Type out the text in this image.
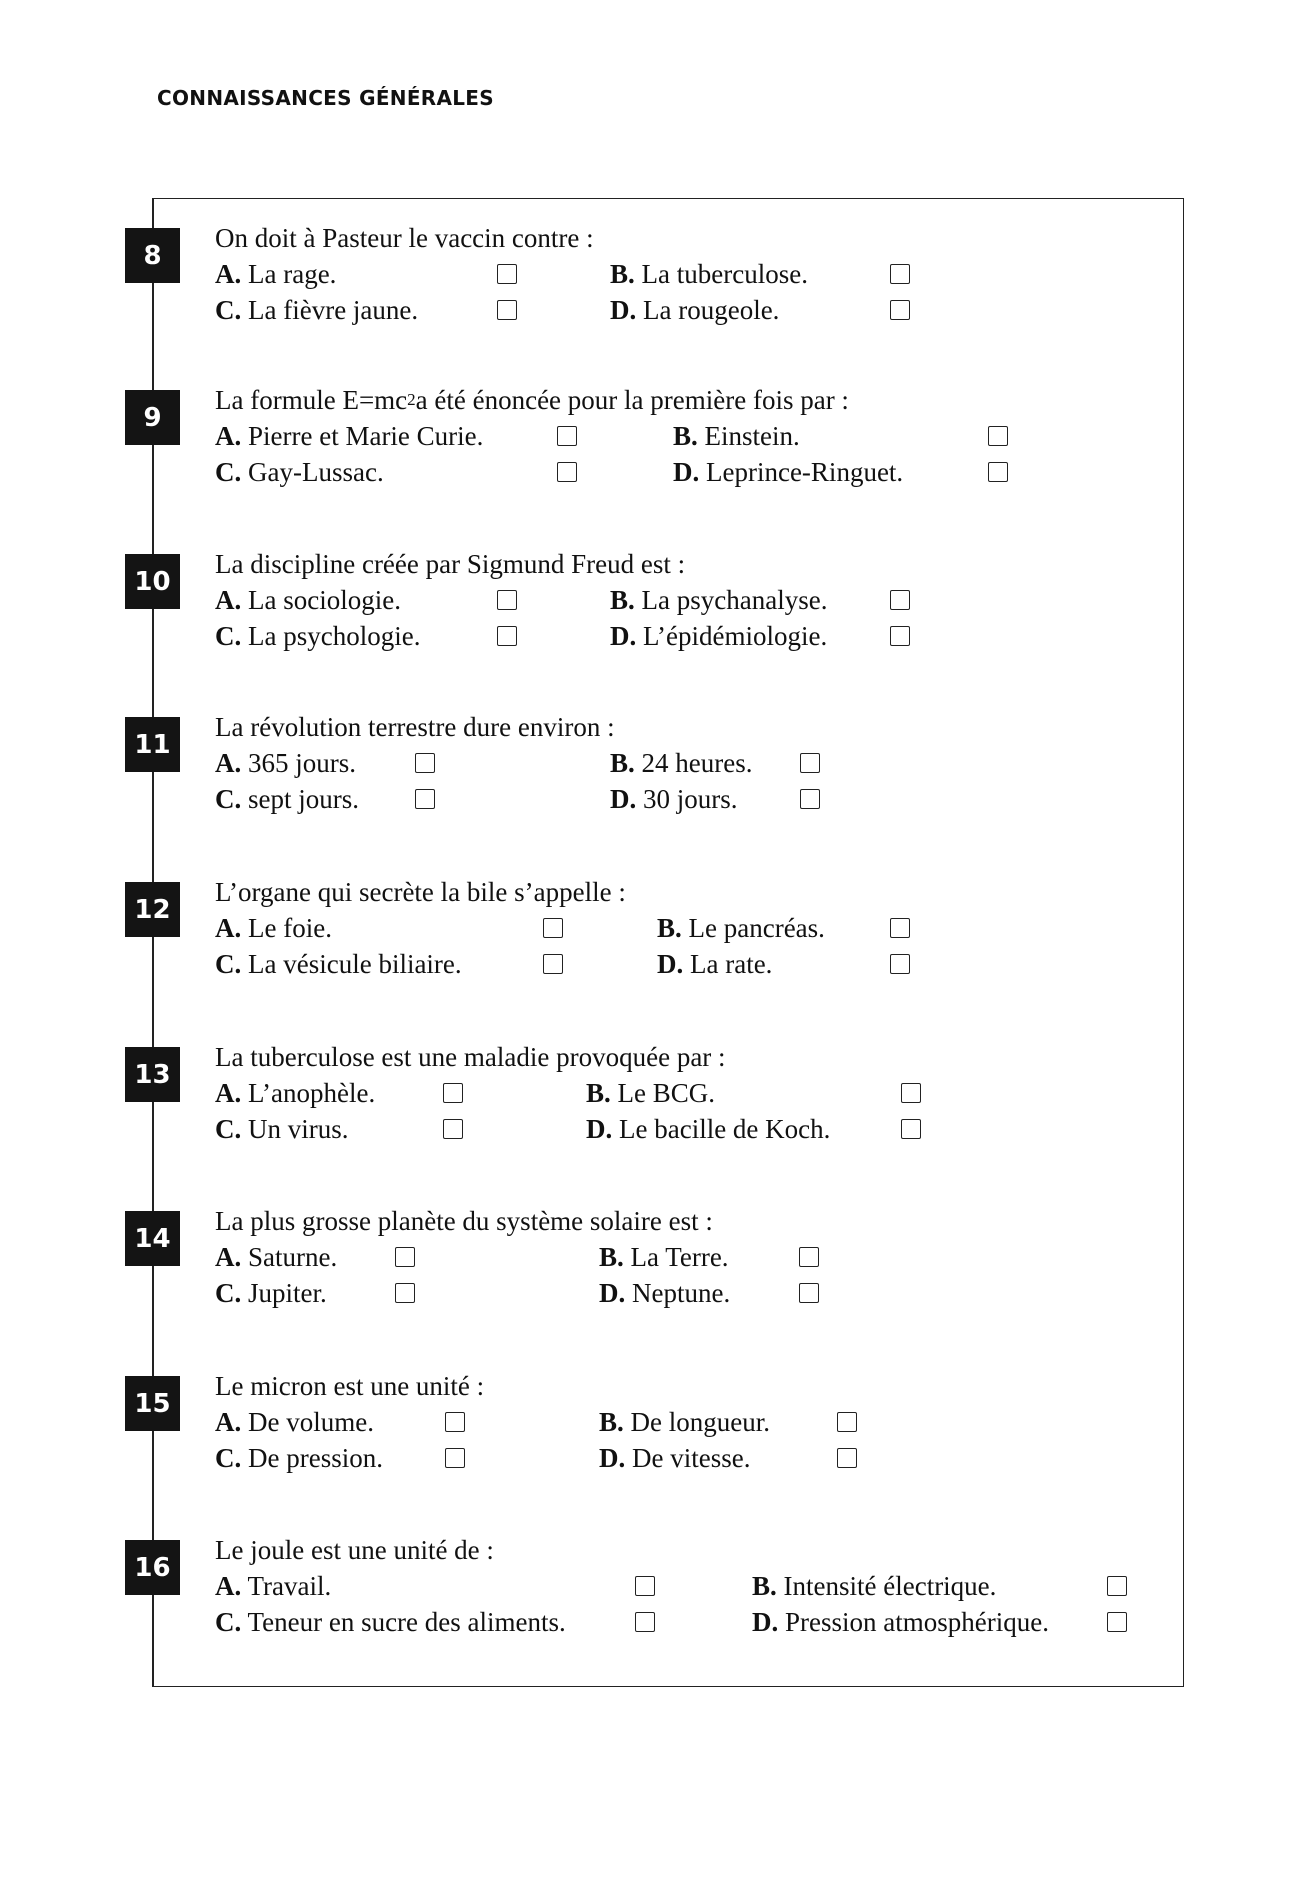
CONNAISSANCES GÉNÉRALES
8
On doit à Pasteur le vaccin contre :
A. La rage.	B. La tuberculose.
C. La fièvre jaune.	D. La rougeole.
9
La formule E=mc 2 a été énoncée pour la première fois par :
A. Pierre et Marie Curie.	B. Einstein.
C. Gay-Lussac.	D. Leprince-Ringuet.
10
La discipline créée par Sigmund Freud est :
A. La sociologie.	B. La psychanalyse.
C. La psychologie.	D. L’épidémiologie.
11
La révolution terrestre dure environ :
A. 365 jours.	B. 24 heures.
C. sept jours.	D. 30 jours.
12
L’organe qui secrète la bile s’appelle :
A. Le foie.	B. Le pancréas.
C. La vésicule biliaire.	D. La rate.
13
La tuberculose est une maladie provoquée par :
A. L’anophèle.	B. Le BCG.
C. Un virus.	D. Le bacille de Koch.
14
La plus grosse planète du système solaire est :
A. Saturne.	B. La Terre.
C. Jupiter.	D. Neptune.
15
Le micron est une unité :
A. De volume.	B. De longueur.
C. De pression.	D. De vitesse.
16
Le joule est une unité de :
A. Travail.	B. Intensité électrique.
C. Teneur en sucre des aliments.	D. Pression atmosphérique.
